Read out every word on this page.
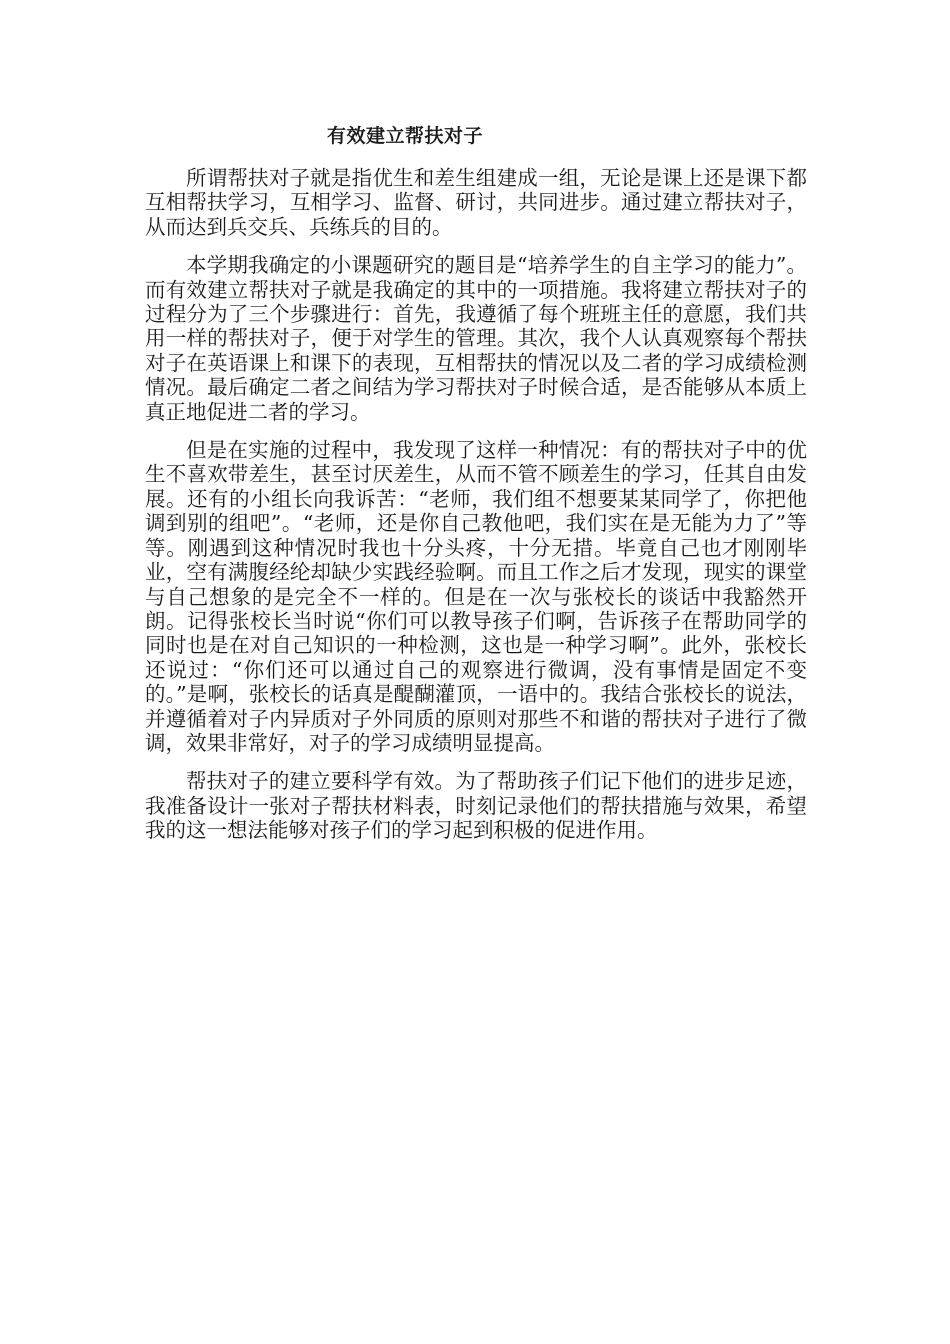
有效建立帮扶对子

所谓帮扶对子就是指优生和差生组建成一组，无论是课上还是课下都互相帮扶学习，互相学习、监督、研讨，共同进步。通过建立帮扶对子，从而达到兵交兵、兵练兵的目的。

本学期我确定的小课题研究的题目是“培养学生的自主学习的能力”。而有效建立帮扶对子就是我确定的其中的一项措施。我将建立帮扶对子的过程分为了三个步骤进行：首先，我遵循了每个班班主任的意愿，我们共用一样的帮扶对子，便于对学生的管理。其次，我个人认真观察每个帮扶对子在英语课上和课下的表现，互相帮扶的情况以及二者的学习成绩检测情况。最后确定二者之间结为学习帮扶对子时候合适，是否能够从本质上真正地促进二者的学习。

但是在实施的过程中，我发现了这样一种情况：有的帮扶对子中的优生不喜欢带差生，甚至讨厌差生，从而不管不顾差生的学习，任其自由发展。还有的小组长向我诉苦：“老师，我们组不想要某某同学了，你把他调到别的组吧”。“老师，还是你自己教他吧，我们实在是无能为力了”等等。刚遇到这种情况时我也十分头疼，十分无措。毕竟自己也才刚刚毕业，空有满腹经纶却缺少实践经验啊。而且工作之后才发现，现实的课堂与自己想象的是完全不一样的。但是在一次与张校长的谈话中我豁然开朗。记得张校长当时说“你们可以教导孩子们啊，告诉孩子在帮助同学的同时也是在对自己知识的一种检测，这也是一种学习啊”。此外，张校长还说过：“你们还可以通过自己的观察进行微调，没有事情是固定不变的。”是啊，张校长的话真是醍醐灌顶，一语中的。我结合张校长的说法，并遵循着对子内异质对子外同质的原则对那些不和谐的帮扶对子进行了微调，效果非常好，对子的学习成绩明显提高。

帮扶对子的建立要科学有效。为了帮助孩子们记下他们的进步足迹，我准备设计一张对子帮扶材料表，时刻记录他们的帮扶措施与效果，希望我的这一想法能够对孩子们的学习起到积极的促进作用。
